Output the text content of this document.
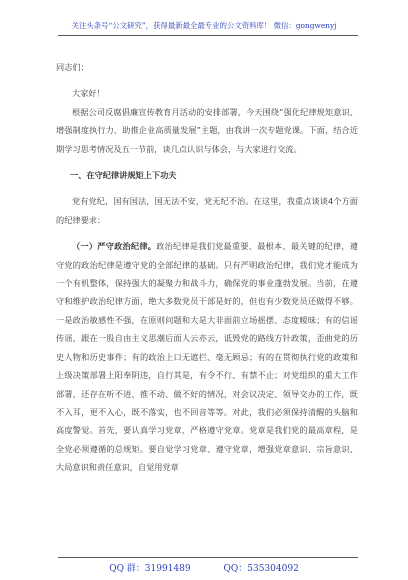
关注头条号“公文研究”，获得最新最全最专业的公文资料库！ 微信：gongwenyj

同志们：

大家好！

根据公司反腐倡廉宣传教育月活动的安排部署，今天围绕“强化纪律规矩意识、增强制度执行力、助推企业高质量发展”主题，由我讲一次专题党课。下面，结合近期学习思考情况及五一节前，谈几点认识与体会，与大家进行交流。

一、在守纪律讲规矩上下功夫

党有党纪，国有国法，国无法不安，党无纪不治。在这里，我重点谈谈4个方面的纪律要求：

（一）严守政治纪律。政治纪律是我们党最重要、最根本、最关键的纪律，遵守党的政治纪律是遵守党的全部纪律的基础。只有严明政治纪律，我们党才能成为一个有机整体，保持强大的凝聚力和战斗力，确保党的事业蓬勃发展。当前，在遵守和维护政治纪律方面，绝大多数党员干部是好的，但也有少数党员还做得不够。一是政治敏感性不强，在原则问题和大是大非面前立场摇摆、态度暧昧；有的信谣传谣，跟在一股自由主义思潮后面人云亦云，诋毁党的路线方针政策，歪曲党的历史人物和历史事件；有的政治上口无遮拦、毫无顾忌；有的在贯彻执行党的政策和上级决策部署上阳奉阴违，自行其是，有令不行、有禁不止；对党组织的重大工作部署，还存在听不进、推不动、做不好的情况，对会议决定、领导交办的工作，既不入耳，更不入心，既不落实，也不回音等等。对此，我们必须保持清醒的头脑和高度警觉。首先，要认真学习党章、严格遵守党章。党章是我们党的最高章程，是全党必须遵循的总规矩。要自觉学习党章、遵守党章，增强党章意识、宗旨意识、大局意识和责任意识，自觉用党章

QQ 群：31991489	QQ：535304092
